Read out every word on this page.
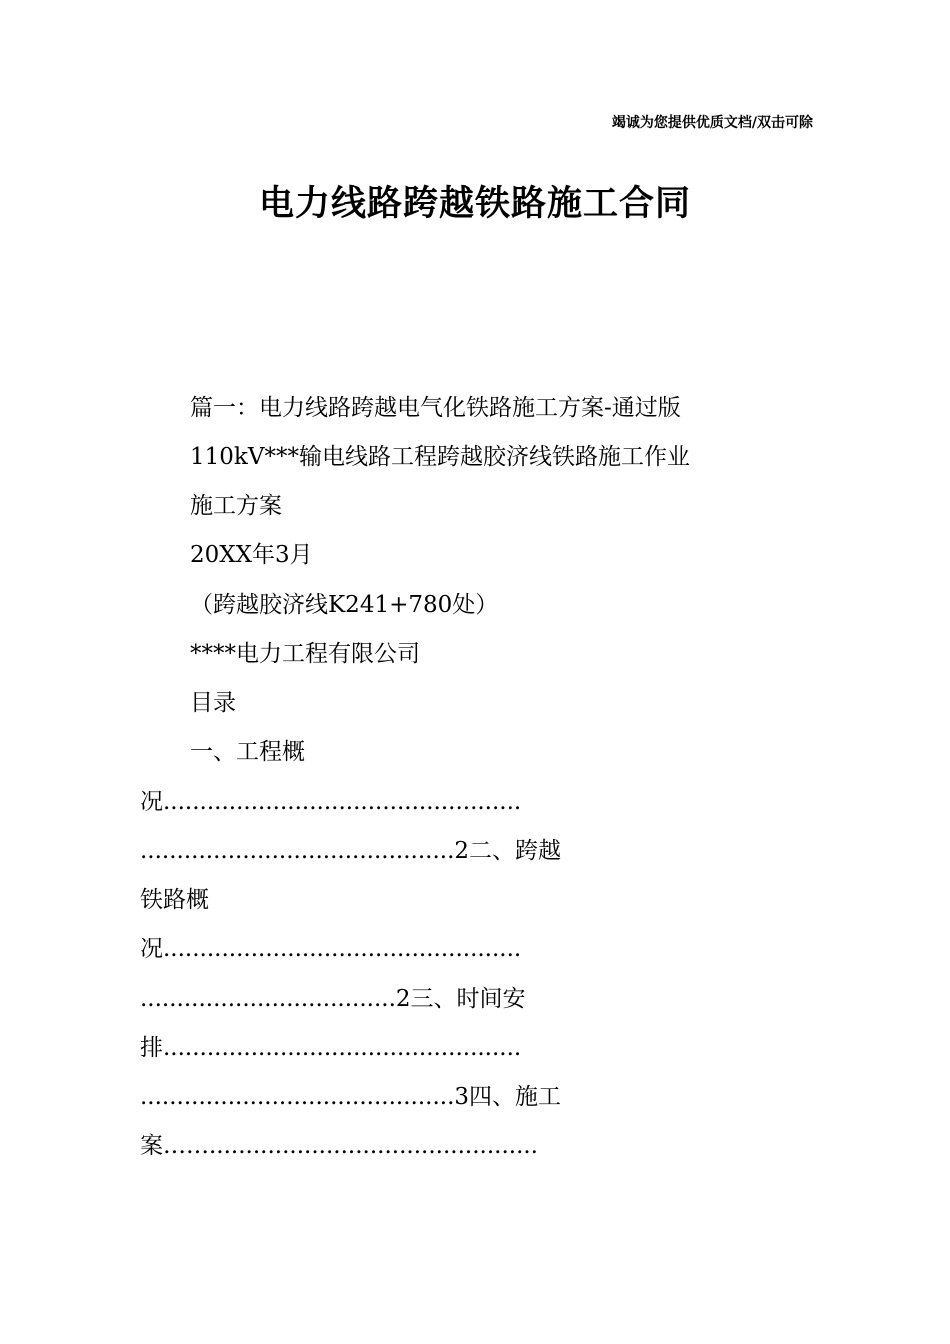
竭诚为您提供优质文档/双击可除
电力线路跨越铁路施工合同
篇一：电力线路跨越电气化铁路施工方案-通过版
110kV***输电线路工程跨越胶济线铁路施工作业
施工方案
20XX年3月
（跨越胶济线K241+780处）
****电力工程有限公司
目录
一、工程概
况.................................................
...........................................2二、跨越
铁路概
况.................................................
...................................2三、时间安
排.................................................
...........................................3四、施工
案…….............................................
